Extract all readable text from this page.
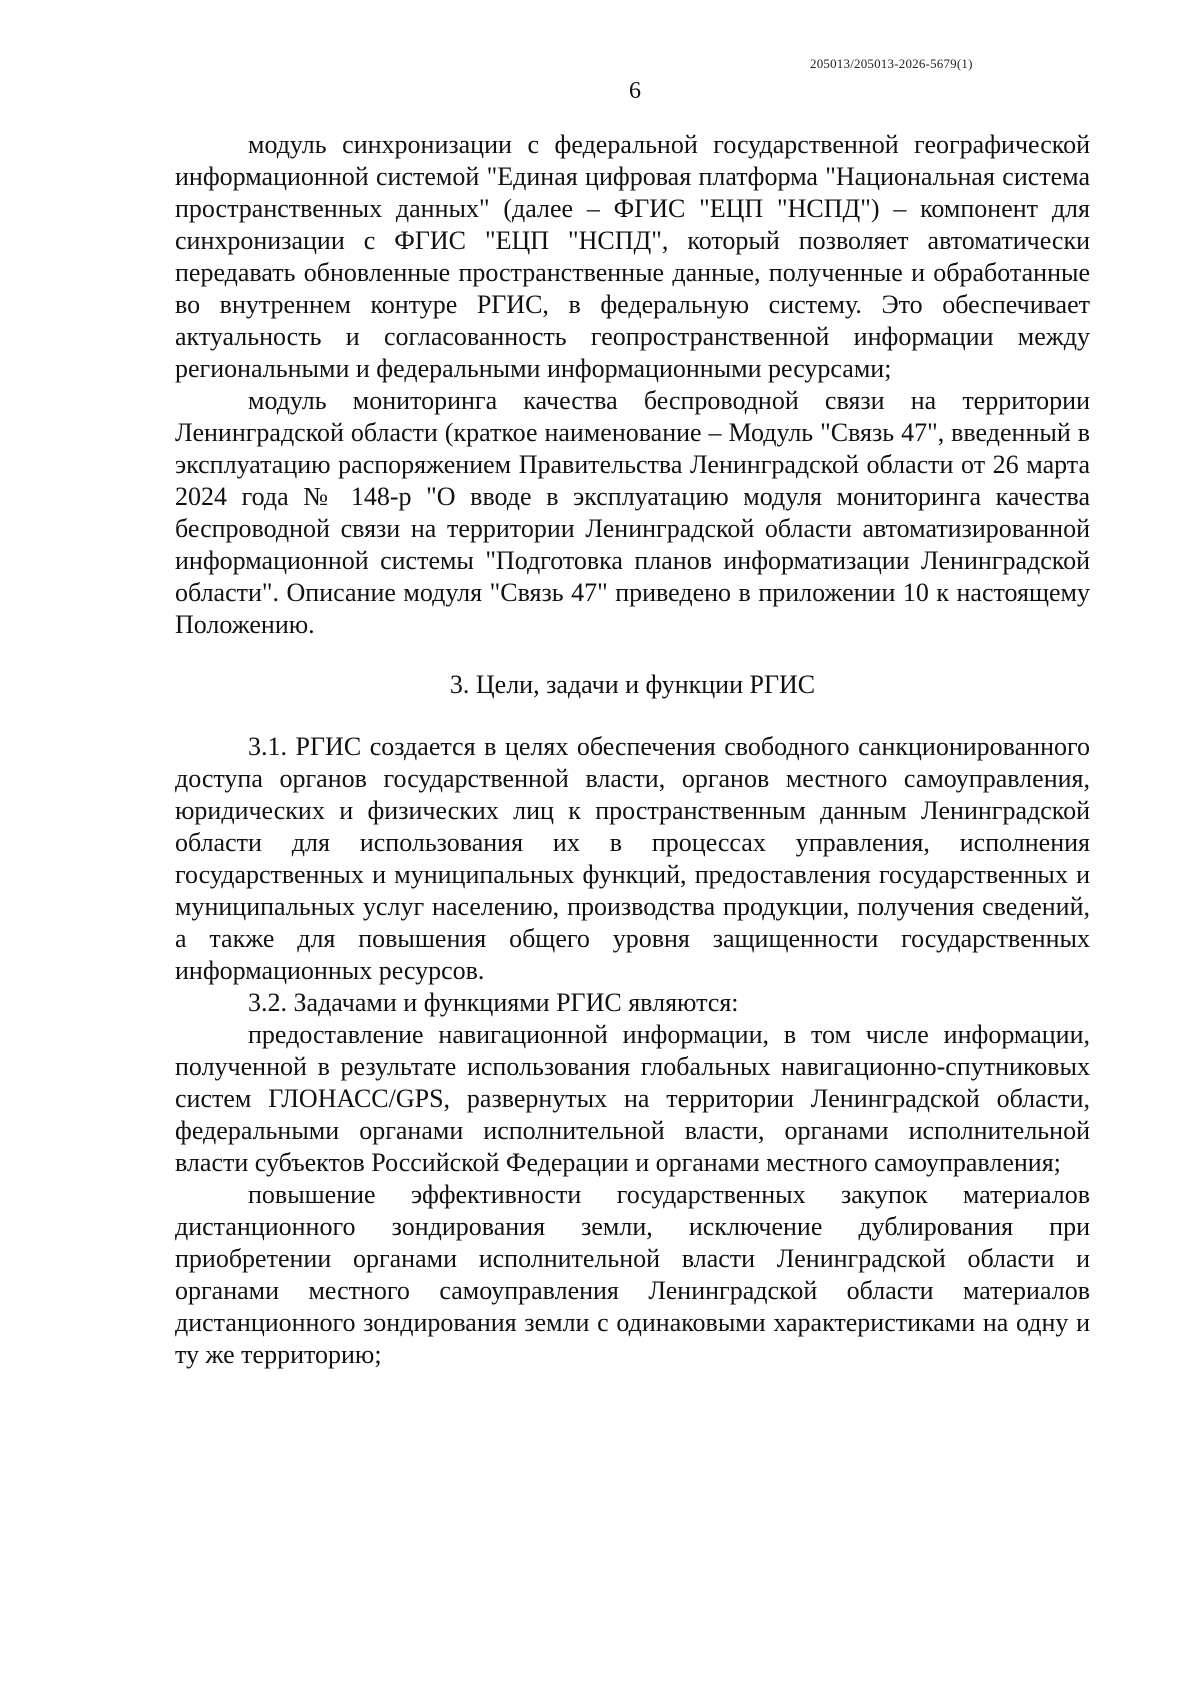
205013/205013-2026-5679(1)
6

модуль синхронизации с федеральной государственной географической информационной системой "Единая цифровая платформа "Национальная система пространственных данных" (далее – ФГИС "ЕЦП "НСПД") – компонент для синхронизации с ФГИС "ЕЦП "НСПД", который позволяет автоматически передавать обновленные пространственные данные, полученные и обработанные во внутреннем контуре РГИС, в федеральную систему. Это обеспечивает актуальность и согласованность геопространственной информации между региональными и федеральными информационными ресурсами;

модуль мониторинга качества беспроводной связи на территории Ленинградской области (краткое наименование – Модуль "Связь 47", введенный в эксплуатацию распоряжением Правительства Ленинградской области от 26 марта 2024 года № 148-р "О вводе в эксплуатацию модуля мониторинга качества беспроводной связи на территории Ленинградской области автоматизированной информационной системы "Подготовка планов информатизации Ленинградской области". Описание модуля "Связь 47" приведено в приложении 10 к настоящему Положению.

3. Цели, задачи и функции РГИС

3.1. РГИС создается в целях обеспечения свободного санкционированного доступа органов государственной власти, органов местного самоуправления, юридических и физических лиц к пространственным данным Ленинградской области для использования их в процессах управления, исполнения государственных и муниципальных функций, предоставления государственных и муниципальных услуг населению, производства продукции, получения сведений, а также для повышения общего уровня защищенности государственных информационных ресурсов.

3.2. Задачами и функциями РГИС являются:

предоставление навигационной информации, в том числе информации, полученной в результате использования глобальных навигационно-спутниковых систем ГЛОНАСС/GPS, развернутых на территории Ленинградской области, федеральными органами исполнительной власти, органами исполнительной власти субъектов Российской Федерации и органами местного самоуправления;

повышение эффективности государственных закупок материалов дистанционного зондирования земли, исключение дублирования при приобретении органами исполнительной власти Ленинградской области и органами местного самоуправления Ленинградской области материалов дистанционного зондирования земли с одинаковыми характеристиками на одну и ту же территорию;
